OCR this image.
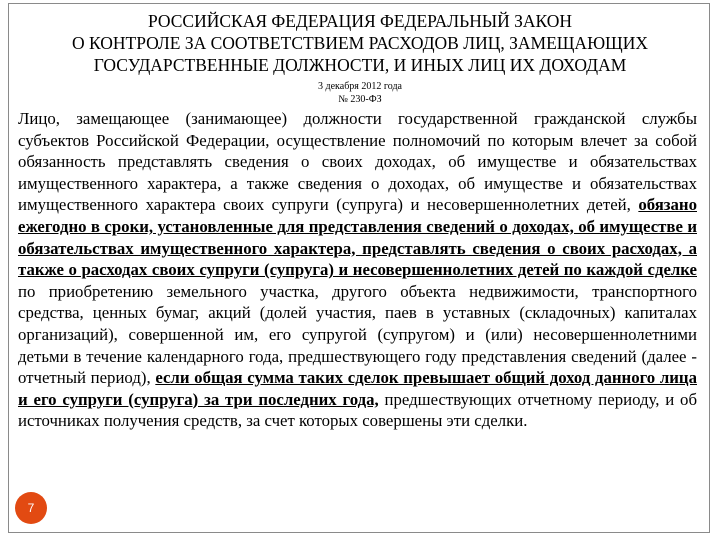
РОССИЙСКАЯ ФЕДЕРАЦИЯ ФЕДЕРАЛЬНЫЙ ЗАКОН
О КОНТРОЛЕ ЗА СООТВЕТСТВИЕМ РАСХОДОВ ЛИЦ, ЗАМЕЩАЮЩИХ
ГОСУДАРСТВЕННЫЕ ДОЛЖНОСТИ, И ИНЫХ ЛИЦ ИХ ДОХОДАМ
3 декабря 2012 года
№ 230-ФЗ

Лицо, замещающее (занимающее) должности государственной гражданской службы субъектов Российской Федерации, осуществление полномочий по которым влечет за собой обязанность представлять сведения о своих доходах, об имуществе и обязательствах имущественного характера, а также сведения о доходах, об имуществе и обязательствах имущественного характера своих супруги (супруга) и несовершеннолетних детей, обязано ежегодно в сроки, установленные для представления сведений о доходах, об имуществе и обязательствах имущественного характера, представлять сведения о своих расходах, а также о расходах своих супруги (супруга) и несовершеннолетних детей по каждой сделке по приобретению земельного участка, другого объекта недвижимости, транспортного средства, ценных бумаг, акций (долей участия, паев в уставных (складочных) капиталах организаций), совершенной им, его супругой (супругом) и (или) несовершеннолетними детьми в течение календарного года, предшествующего году представления сведений (далее - отчетный период), если общая сумма таких сделок превышает общий доход данного лица и его супруги (супруга) за три последних года, предшествующих отчетному периоду, и об источниках получения средств, за счет которых совершены эти сделки.

7
